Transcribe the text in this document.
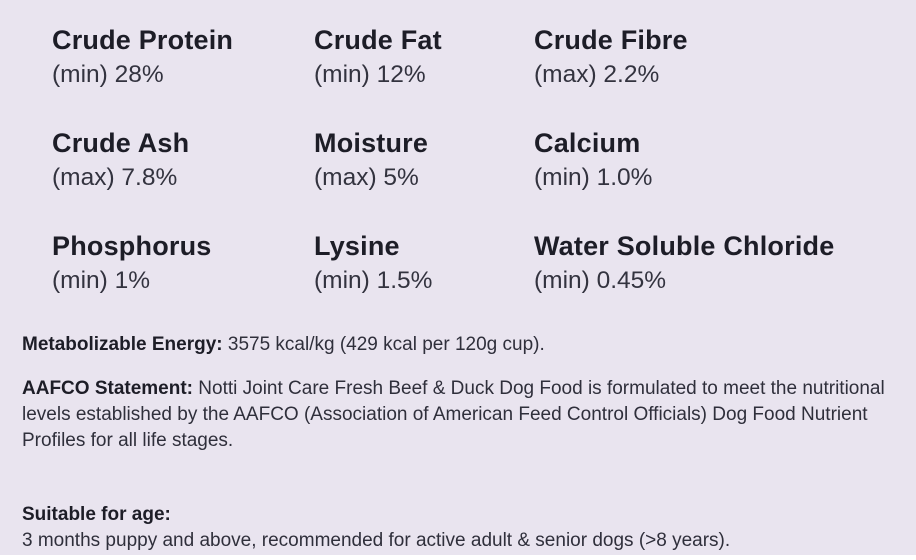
Crude Protein
(min) 28%
Crude Fat
(min) 12%
Crude Fibre
(max) 2.2%
Crude Ash
(max) 7.8%
Moisture
(max) 5%
Calcium
(min) 1.0%
Phosphorus
(min) 1%
Lysine
(min) 1.5%
Water Soluble Chloride
(min) 0.45%

Metabolizable Energy: 3575 kcal/kg (429 kcal per 120g cup).

AAFCO Statement: Notti Joint Care Fresh Beef & Duck Dog Food is formulated to meet the nutritional levels established by the AAFCO (Association of American Feed Control Officials) Dog Food Nutrient Profiles for all life stages.

Suitable for age:
3 months puppy and above, recommended for active adult & senior dogs (>8 years).
